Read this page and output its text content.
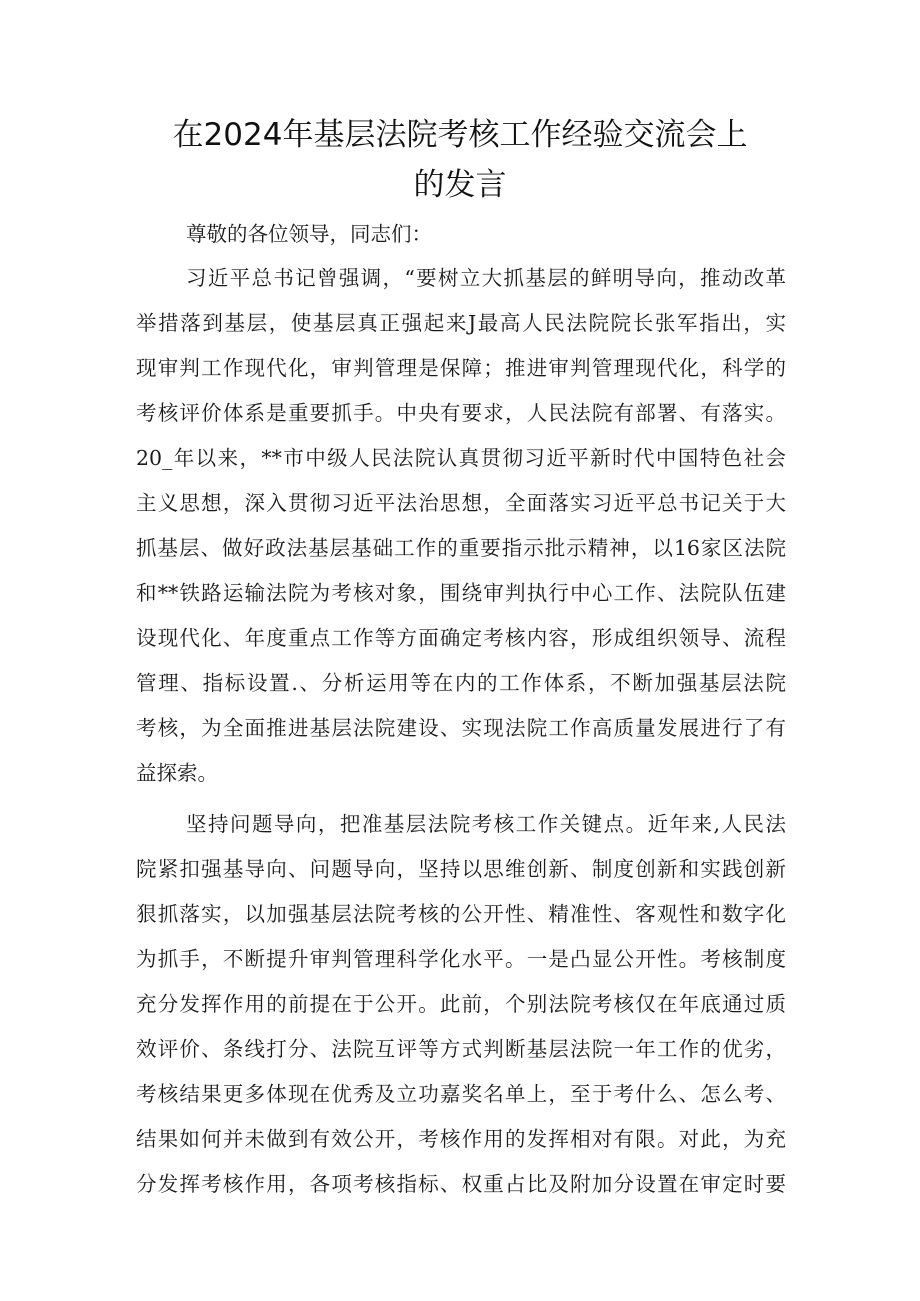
在2024年基层法院考核工作经验交流会上
的发言
尊敬的各位领导，同志们：
习近平总书记曾强调，“要树立大抓基层的鲜明导向，推动改革
举措落到基层，使基层真正强起来J最高人民法院院长张军指出，实
现审判工作现代化，审判管理是保障；推进审判管理现代化，科学的
考核评价体系是重要抓手。中央有要求，人民法院有部署、有落实。
20_年以来，**市中级人民法院认真贯彻习近平新时代中国特色社会
主义思想，深入贯彻习近平法治思想，全面落实习近平总书记关于大
抓基层、做好政法基层基础工作的重要指示批示精神，以16家区法院
和**铁路运输法院为考核对象，围绕审判执行中心工作、法院队伍建
设现代化、年度重点工作等方面确定考核内容，形成组织领导、流程
管理、指标设置.、分析运用等在内的工作体系，不断加强基层法院
考核，为全面推进基层法院建设、实现法院工作高质量发展进行了有
益探索。
坚持问题导向，把准基层法院考核工作关键点。近年来,人民法
院紧扣强基导向、问题导向，坚持以思维创新、制度创新和实践创新
狠抓落实，以加强基层法院考核的公开性、精准性、客观性和数字化
为抓手，不断提升审判管理科学化水平。一是凸显公开性。考核制度
充分发挥作用的前提在于公开。此前，个别法院考核仅在年底通过质
效评价、条线打分、法院互评等方式判断基层法院一年工作的优劣，
考核结果更多体现在优秀及立功嘉奖名单上，至于考什么、怎么考、
结果如何并未做到有效公开，考核作用的发挥相对有限。对此，为充
分发挥考核作用，各项考核指标、权重占比及附加分设置在审定时要
